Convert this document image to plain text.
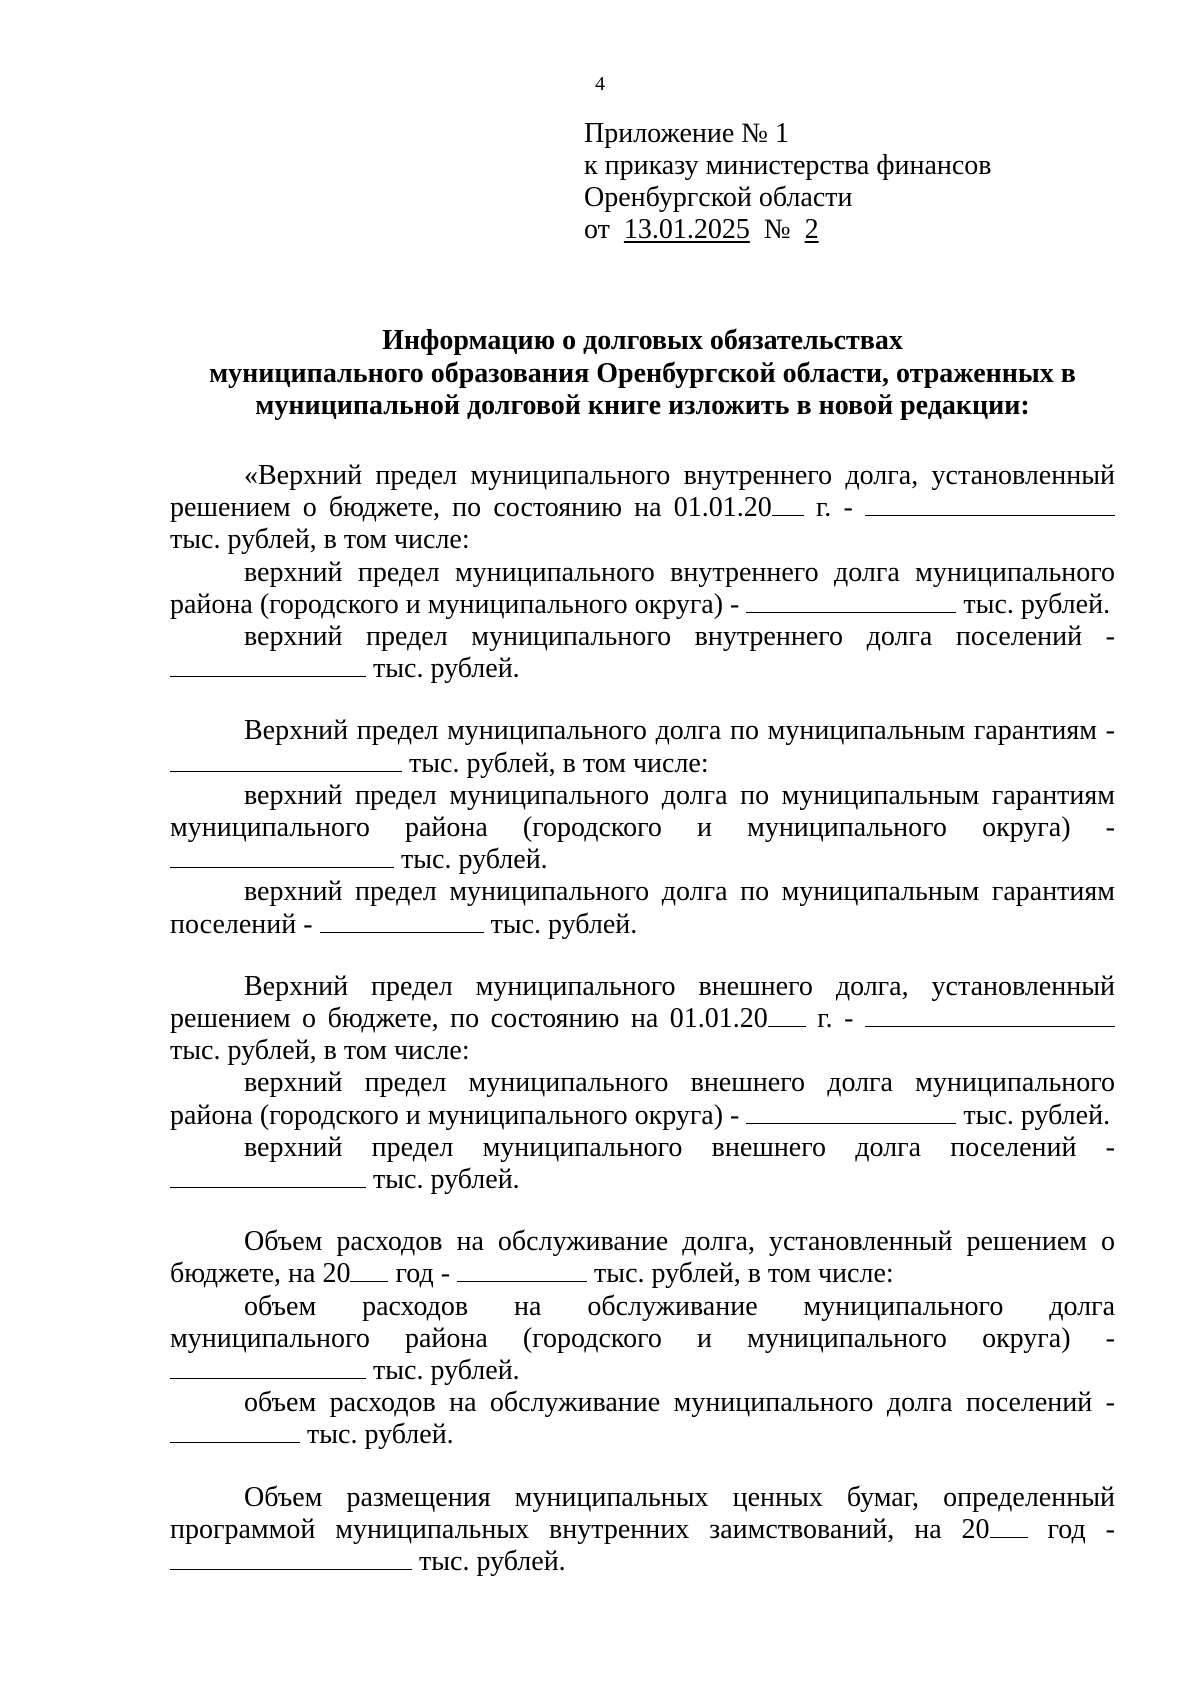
4
Приложение № 1
к приказу министерства финансов
Оренбургской области
от 13.01.2025 № 2
Информацию о долговых обязательствах
муниципального образования Оренбургской области, отраженных в
муниципальной долговой книге изложить в новой редакции:

«Верхний предел муниципального внутреннего долга, установленный решением о бюджете, по состоянию на 01.01.20 г. -  тыс. рублей, в том числе:

верхний предел муниципального внутреннего долга муниципального района (городского и муниципального округа) -	тыс. рублей.

верхний предел муниципального внутреннего долга поселений -  тыс. рублей.

Верхний предел муниципального долга по муниципальным гарантиям -  тыс. рублей, в том числе:

верхний предел муниципального долга по муниципальным гарантиям муниципального района (городского и муниципального округа) -  тыс. рублей.

верхний предел муниципального долга по муниципальным гарантиям поселений -	тыс. рублей.

Верхний предел муниципального внешнего долга, установленный решением о бюджете, по состоянию на 01.01.20 г. -  тыс. рублей, в том числе:

верхний предел муниципального внешнего долга муниципального района (городского и муниципального округа) -	тыс. рублей.

верхний предел муниципального внешнего долга поселений -  тыс. рублей.

Объем расходов на обслуживание долга, установленный решением о бюджете, на 20 год -	тыс. рублей, в том числе:

объем расходов на обслуживание муниципального долга муниципального района (городского и муниципального округа) -  тыс. рублей.

объем расходов на обслуживание муниципального долга поселений -  тыс. рублей.

Объем размещения муниципальных ценных бумаг, определенный программой муниципальных внутренних заимствований, на 20 год -  тыс. рублей.
